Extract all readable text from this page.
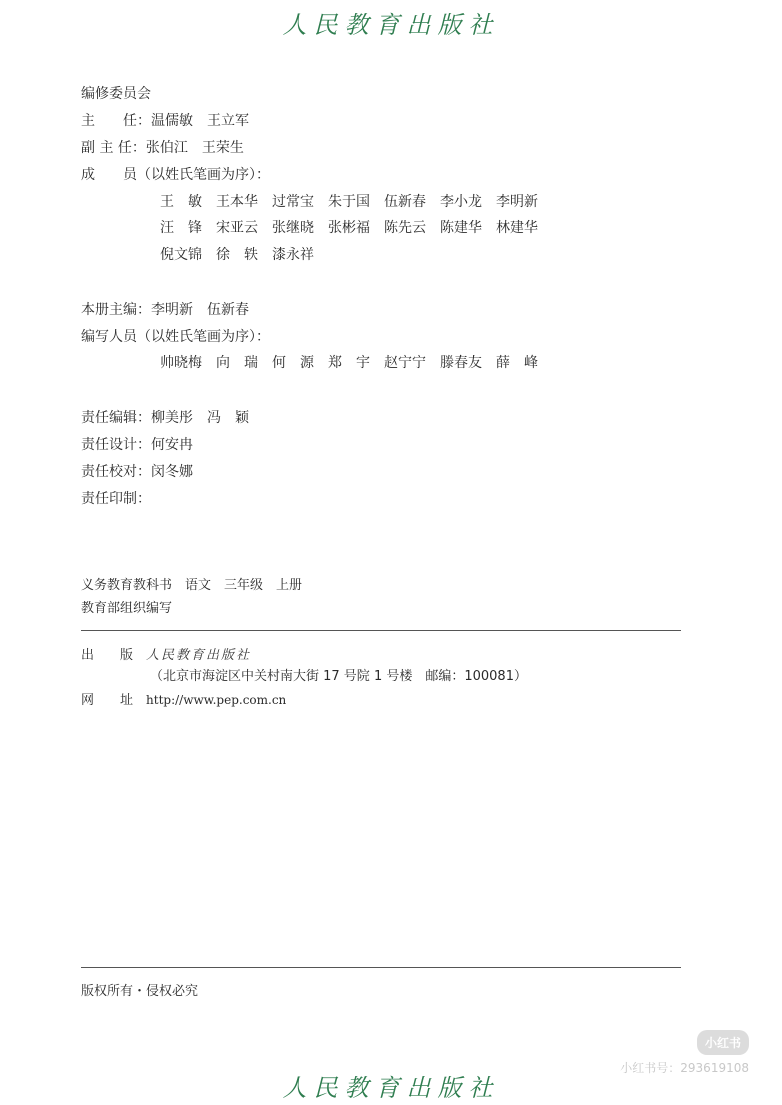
人民教育出版社
编修委员会
主 任：温儒敏　王立军
副 主 任：张伯江　王荣生
成 员（以姓氏笔画为序）：
王　敏　王本华　过常宝　朱于国　伍新春　李小龙　李明新
汪　锋　宋亚云　张继晓　张彬福　陈先云　陈建华　林建华
倪文锦　徐　轶　漆永祥
本册主编：李明新　伍新春
编写人员（以姓氏笔画为序）：
帅晓梅　向　瑞　何　源　郑　宇　赵宁宁　滕春友　薛　峰
责任编辑：柳美彤　冯　颖
责任设计：何安冉
责任校对：闵冬娜
责任印制：
义务教育教科书　语文　三年级　上册
教育部组织编写
出 版 人民教育出版社
（北京市海淀区中关村南大街 17 号院 1 号楼　邮编：100081）
网 址 http://www.pep.com.cn
版权所有・侵权必究
小红书
小红书号：293619108
人民教育出版社
